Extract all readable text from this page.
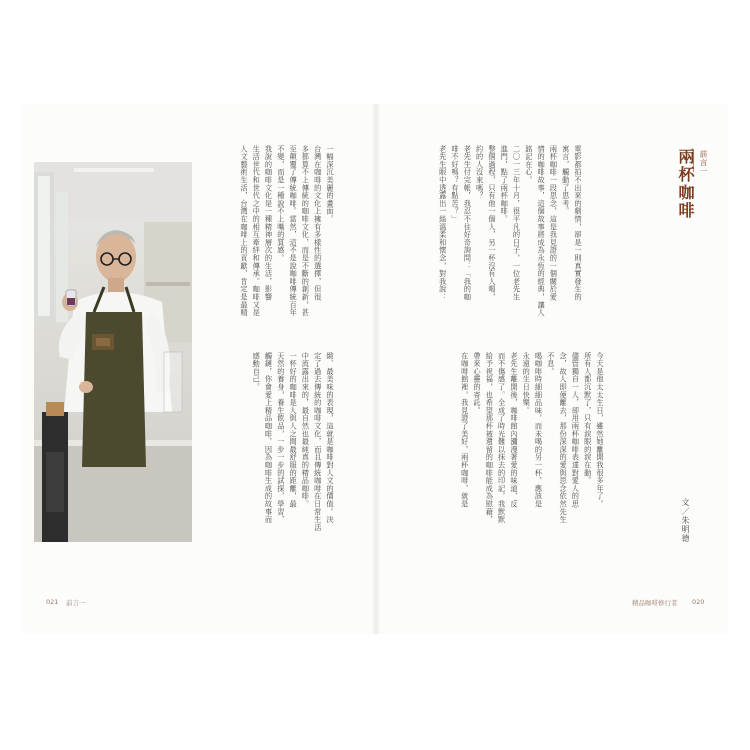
一幅深沉美麗的畫面。
台灣在咖啡的文化上擁有多樣性的選擇，但很
多都算不上傳統的咖啡文化，而是不斷的創新，甚
至顛覆了傳統咖啡。當然，這不是說咖啡傳統百年
不變，而是一種說不上嘴的質感。
我說的咖啡文化是一種精神層次的生活，影響
生活世代和世代之中的相互牽絆和傳承。咖啡又是
人文藝術生活，台灣在咖啡上的貢獻，肯定是最精
緻、最美味的表現，這就是咖啡對人文的價值。決
定了過去傳統的咖啡文化，而且傳統咖啡在日常生活
中流露出來的，最自然也最純真的精品咖啡。
一杯好的咖啡是人與人之間最舒服的距離，最
天然的養身，養生飲品，一步一步的試探，學習，
觸鏈，你會愛上精品咖啡，因為咖啡生成的故事而
感動自己。
前言一
兩杯咖啡
電影都拍不出來的劇情，卻是一則真實發生的
寓言，觸動了思考。
兩杯咖啡一段思念，這是我見證的一個關於愛
情的咖啡故事，這個故事將成為永恆的經典，讓人
銘記在心。
二〇一三年十月，很平凡的日子，一位老先生
進門，點了兩杯咖啡。
整個過程，只有他一個人，另一杯沒有人喝，
約的人沒來嗎？
老先生付完帳，我忍不住好奇詢問：「我的咖
啡不好嗎？有點苦？」
老先生眼中透露出一絲溫柔和懷念，對我說：
今天是他太太生日，雖然她離開我很多年了。
所有人都沉默了，只有淚眼的淚在動。
儘管獨自一人，卻用兩杯咖啡表達對愛人的思
念，故人即便離去，那份深深的愛與思念依然先生
不息。
喝咖啡時細細品味，而未喝的另一杯，應該是
永遠的生日快樂。
老先生離開後，咖啡館內瀰漫著愛的味道，反
而不傷感了。全成了時光難以抹去的印記，我默默
給予祝福，也希望那杯被遺留的咖啡能成為慰藉，
帶來心靈的寄託。
在咖啡館裡，我見證了美好，兩杯咖啡，就是
文／朱明德
021 前言一	精品咖啡修行者 020
